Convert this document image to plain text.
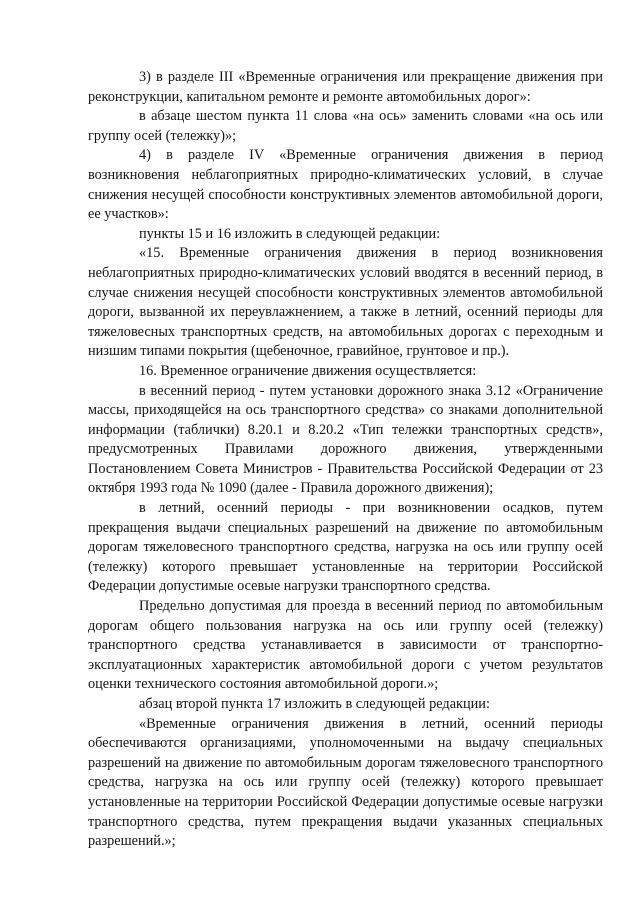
3) в разделе III «Временные ограничения или прекращение движения при реконструкции, капитальном ремонте и ремонте автомобильных дорог»:

в абзаце шестом пункта 11 слова «на ось» заменить словами «на ось или группу осей (тележку)»;

4) в разделе IV «Временные ограничения движения в период возникновения неблагоприятных природно-климатических условий, в случае снижения несущей способности конструктивных элементов автомобильной дороги, ее участков»:

пункты 15 и 16 изложить в следующей редакции:

«15. Временные ограничения движения в период возникновения неблагоприятных природно-климатических условий вводятся в весенний период, в случае снижения несущей способности конструктивных элементов автомобильной дороги, вызванной их переувлажнением, а также в летний, осенний периоды для тяжеловесных транспортных средств, на автомобильных дорогах с переходным и низшим типами покрытия (щебеночное, гравийное, грунтовое и пр.).

16. Временное ограничение движения осуществляется:

в весенний период - путем установки дорожного знака 3.12 «Ограничение массы, приходящейся на ось транспортного средства» со знаками дополнительной информации (таблички) 8.20.1 и 8.20.2 «Тип тележки транспортных средств», предусмотренных Правилами дорожного движения, утвержденными Постановлением Совета Министров - Правительства Российской Федерации от 23 октября 1993 года № 1090 (далее - Правила дорожного движения);

в летний, осенний периоды - при возникновении осадков, путем прекращения выдачи специальных разрешений на движение по автомобильным дорогам тяжеловесного транспортного средства, нагрузка на ось или группу осей (тележку) которого превышает установленные на территории Российской Федерации допустимые осевые нагрузки транспортного средства.

Предельно допустимая для проезда в весенний период по автомобильным дорогам общего пользования нагрузка на ось или группу осей (тележку) транспортного средства устанавливается в зависимости от транспортно-эксплуатационных характеристик автомобильной дороги с учетом результатов оценки технического состояния автомобильной дороги.»;

абзац второй пункта 17 изложить в следующей редакции:

«Временные ограничения движения в летний, осенний периоды обеспечиваются организациями, уполномоченными на выдачу специальных разрешений на движение по автомобильным дорогам тяжеловесного транспортного средства, нагрузка на ось или группу осей (тележку) которого превышает установленные на территории Российской Федерации допустимые осевые нагрузки транспортного средства, путем прекращения выдачи указанных специальных разрешений.»;
